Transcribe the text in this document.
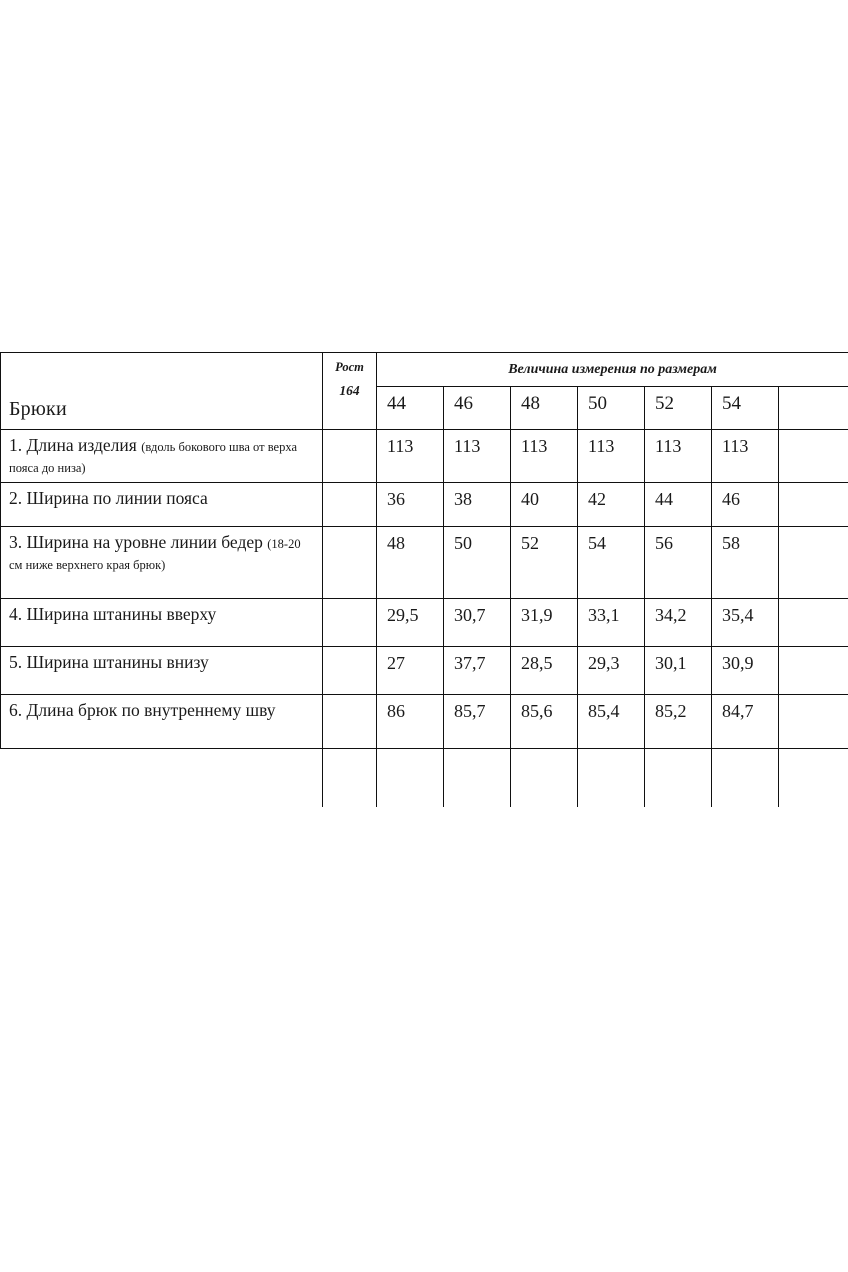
Брюки

Рост
164

Величина измерения по размерам
44	46	48	50	52	54

1. Длина изделия (вдоль бокового шва от верха пояса до низа)		113	113	113	113	113	113	
2. Ширина по линии пояса		36	38	40	42	44	46	
3. Ширина на уровне линии бедер (18-20 см ниже верхнего края брюк)		48	50	52	54	56	58	
4. Ширина штанины вверху		29,5	30,7	31,9	33,1	34,2	35,4	
5. Ширина штанины внизу		27	37,7	28,5	29,3	30,1	30,9	
6. Длина брюк по внутреннему шву		86	85,7	85,6	85,4	85,2	84,7	
